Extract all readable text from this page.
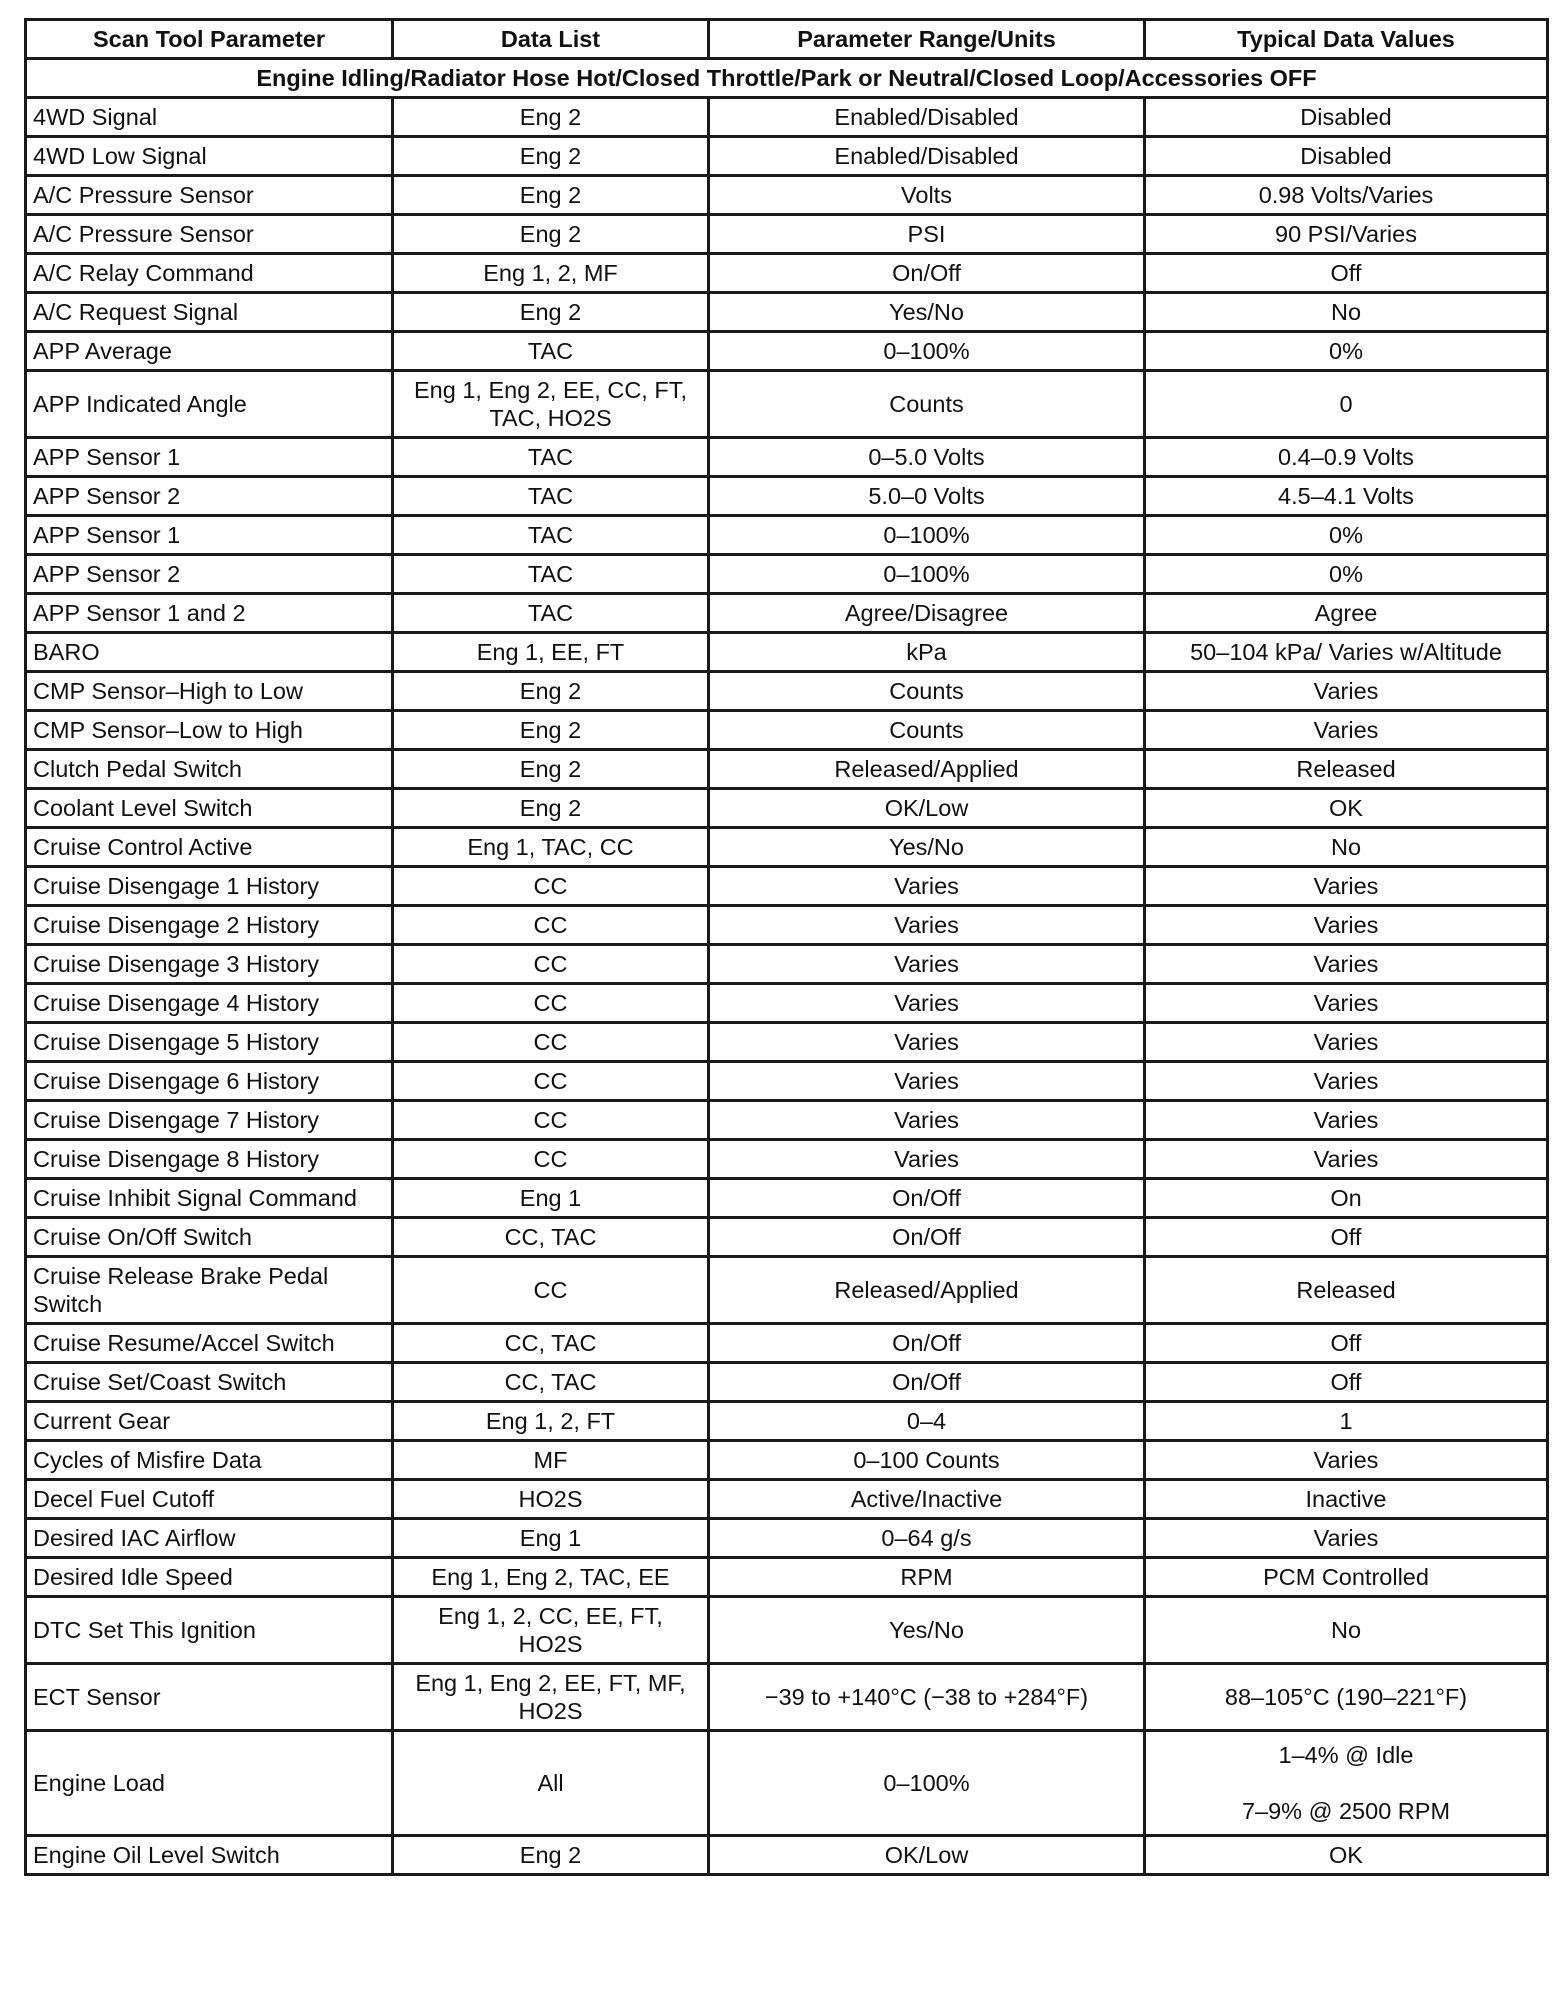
Scan Tool Parameter	Data List	Parameter Range/Units	Typical Data Values
Engine Idling/Radiator Hose Hot/Closed Throttle/Park or Neutral/Closed Loop/Accessories OFF			

4WD Signal	Eng 2	Enabled/Disabled	Disabled

4WD Low Signal	Eng 2	Enabled/Disabled	Disabled

A/C Pressure Sensor	Eng 2	Volts	0.98 Volts/Varies

A/C Pressure Sensor	Eng 2	PSI	90 PSI/Varies

A/C Relay Command	Eng 1, 2, MF	On/Off	Off

A/C Request Signal	Eng 2	Yes/No	No

APP Average	TAC	0–100%	0%

APP Indicated Angle	Eng 1, Eng 2, EE, CC, FT,
TAC, HO2S	Counts	0

APP Sensor 1	TAC	0–5.0 Volts	0.4–0.9 Volts

APP Sensor 2	TAC	5.0–0 Volts	4.5–4.1 Volts

APP Sensor 1	TAC	0–100%	0%

APP Sensor 2	TAC	0–100%	0%

APP Sensor 1 and 2	TAC	Agree/Disagree	Agree

BARO	Eng 1, EE, FT	kPa	50–104 kPa/ Varies w/Altitude

CMP Sensor–High to Low	Eng 2	Counts	Varies

CMP Sensor–Low to High	Eng 2	Counts	Varies

Clutch Pedal Switch	Eng 2	Released/Applied	Released

Coolant Level Switch	Eng 2	OK/Low	OK

Cruise Control Active	Eng 1, TAC, CC	Yes/No	No

Cruise Disengage 1 History	CC	Varies	Varies

Cruise Disengage 2 History	CC	Varies	Varies

Cruise Disengage 3 History	CC	Varies	Varies

Cruise Disengage 4 History	CC	Varies	Varies

Cruise Disengage 5 History	CC	Varies	Varies

Cruise Disengage 6 History	CC	Varies	Varies

Cruise Disengage 7 History	CC	Varies	Varies

Cruise Disengage 8 History	CC	Varies	Varies

Cruise Inhibit Signal Command	Eng 1	On/Off	On

Cruise On/Off Switch	CC, TAC	On/Off	Off

Cruise Release Brake Pedal
Switch	CC	Released/Applied	Released

Cruise Resume/Accel Switch	CC, TAC	On/Off	Off

Cruise Set/Coast Switch	CC, TAC	On/Off	Off

Current Gear	Eng 1, 2, FT	0–4	1

Cycles of Misfire Data	MF	0–100 Counts	Varies

Decel Fuel Cutoff	HO2S	Active/Inactive	Inactive

Desired IAC Airflow	Eng 1	0–64 g/s	Varies

Desired Idle Speed	Eng 1, Eng 2, TAC, EE	RPM	PCM Controlled

DTC Set This Ignition	Eng 1, 2, CC, EE, FT,
HO2S	Yes/No	No

ECT Sensor	Eng 1, Eng 2, EE, FT, MF,
HO2S	−39 to +140°C (−38 to +284°F)	88–105°C (190–221°F)

Engine Load	All	0–100%	1–4% @ Idle

7–9% @ 2500 RPM

Engine Oil Level Switch	Eng 2	OK/Low	OK
